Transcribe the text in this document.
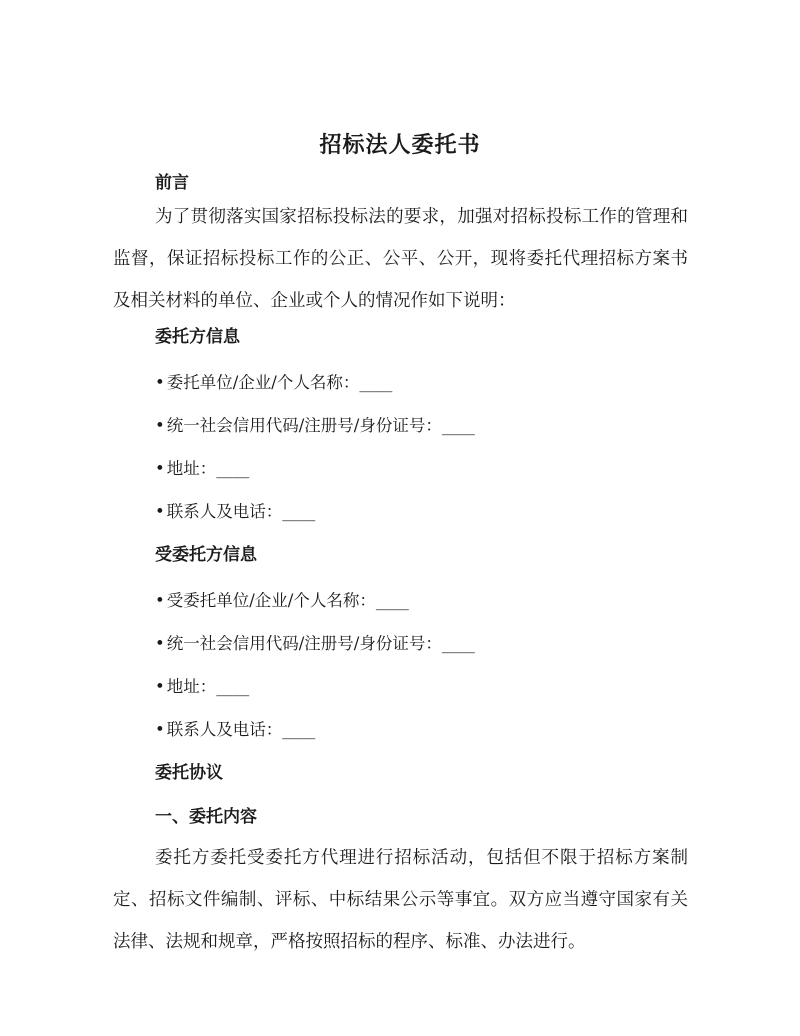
招标法人委托书
前言

为了贯彻落实国家招标投标法的要求，加强对招标投标工作的管理和监督，保证招标投标工作的公正、公平、公开，现将委托代理招标方案书及相关材料的单位、企业或个人的情况作如下说明：

委托方信息
• 委托单位/企业/个人名称：____
• 统一社会信用代码/注册号/身份证号：____
• 地址：____
• 联系人及电话：____
受委托方信息
• 受委托单位/企业/个人名称：____
• 统一社会信用代码/注册号/身份证号：____
• 地址：____
• 联系人及电话：____
委托协议
一、委托内容

委托方委托受委托方代理进行招标活动，包括但不限于招标方案制定、招标文件编制、评标、中标结果公示等事宜。双方应当遵守国家有关法律、法规和规章，严格按照招标的程序、标准、办法进行。
